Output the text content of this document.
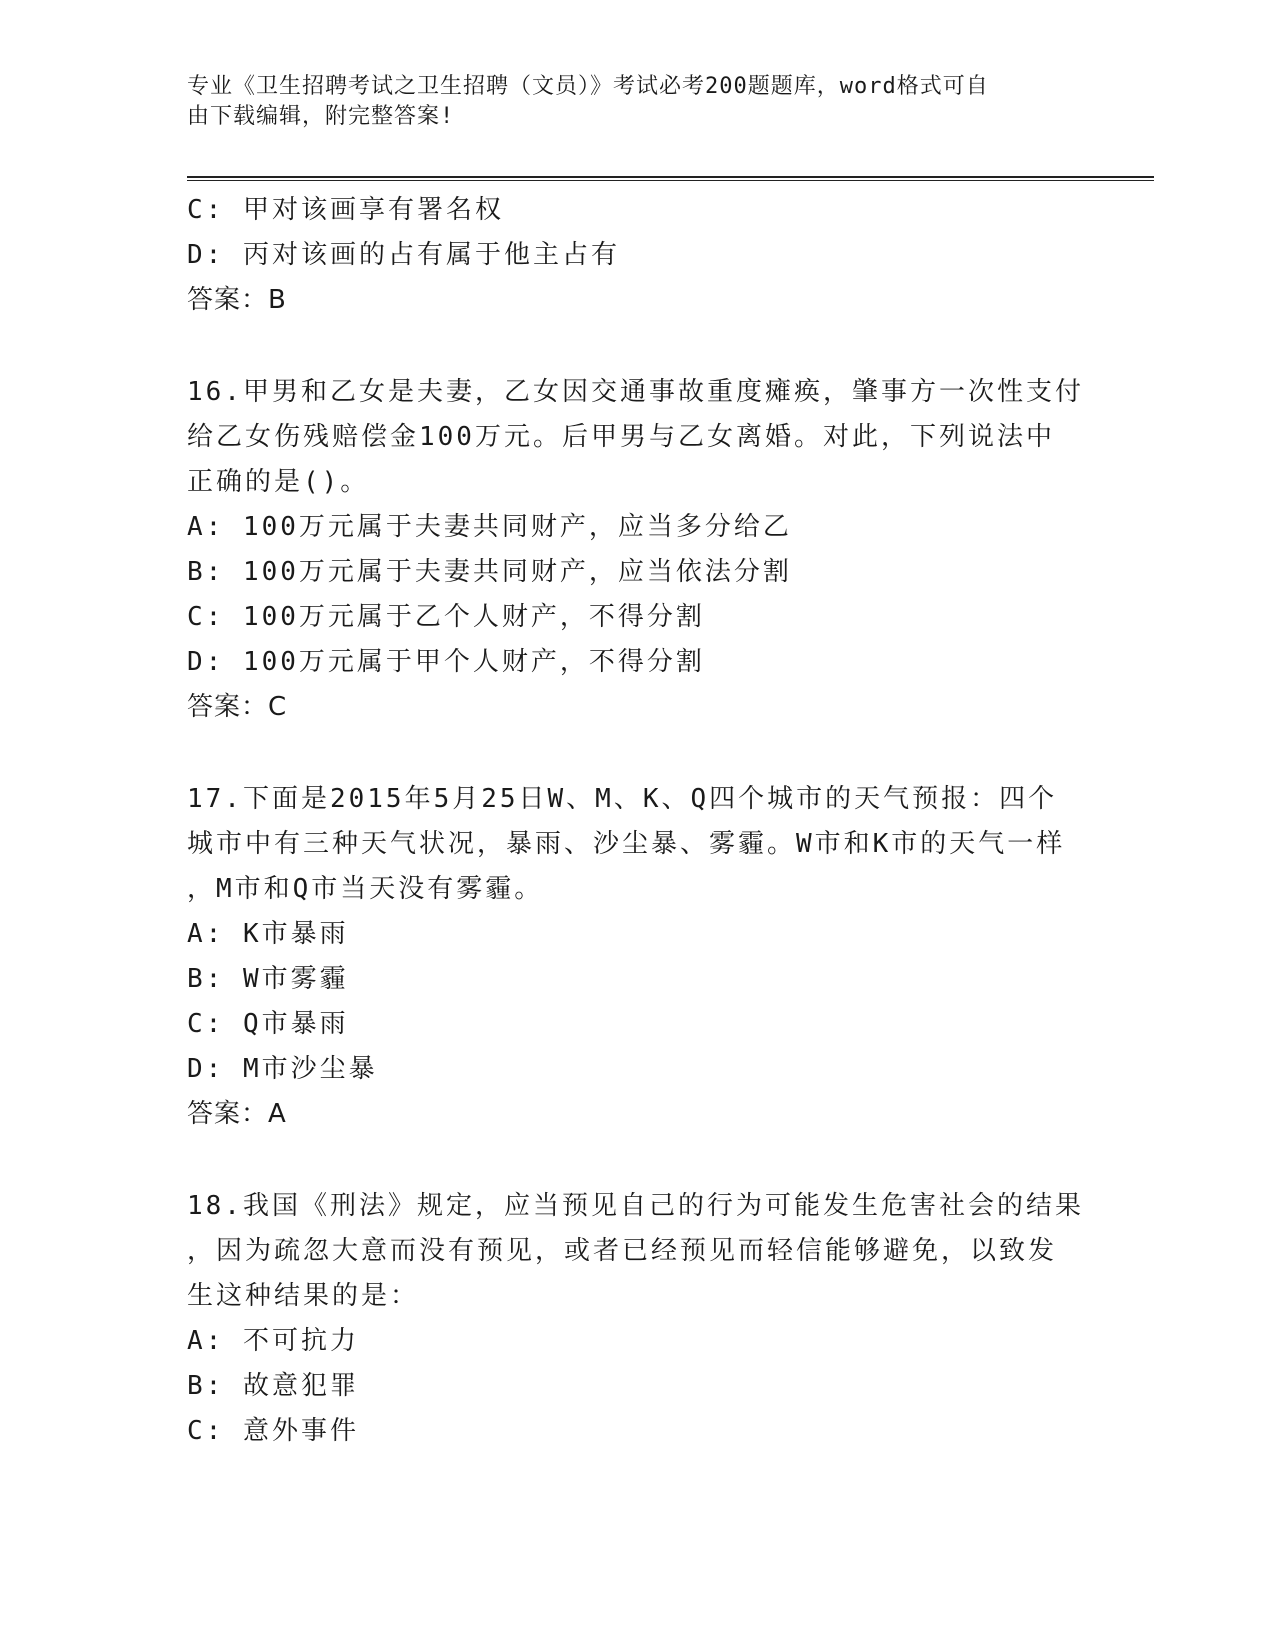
专业《卫生招聘考试之卫生招聘（文员）》考试必考200题题库，word格式可自
由下载编辑，附完整答案!
C: 甲对该画享有署名权
D: 丙对该画的占有属于他主占有
答案：B
16.甲男和乙女是夫妻，乙女因交通事故重度瘫痪，肇事方一次性支付
给乙女伤残赔偿金100万元。后甲男与乙女离婚。对此，下列说法中
正确的是()。
A: 100万元属于夫妻共同财产，应当多分给乙
B: 100万元属于夫妻共同财产，应当依法分割
C: 100万元属于乙个人财产，不得分割
D: 100万元属于甲个人财产，不得分割
答案：C
17.下面是2015年5月25日W、M、K、Q四个城市的天气预报：四个
城市中有三种天气状况，暴雨、沙尘暴、雾霾。W市和K市的天气一样
，M市和Q市当天没有雾霾。
A: K市暴雨
B: W市雾霾
C: Q市暴雨
D: M市沙尘暴
答案：A
18.我国《刑法》规定，应当预见自己的行为可能发生危害社会的结果
，因为疏忽大意而没有预见，或者已经预见而轻信能够避免，以致发
生这种结果的是：
A: 不可抗力
B: 故意犯罪
C: 意外事件
